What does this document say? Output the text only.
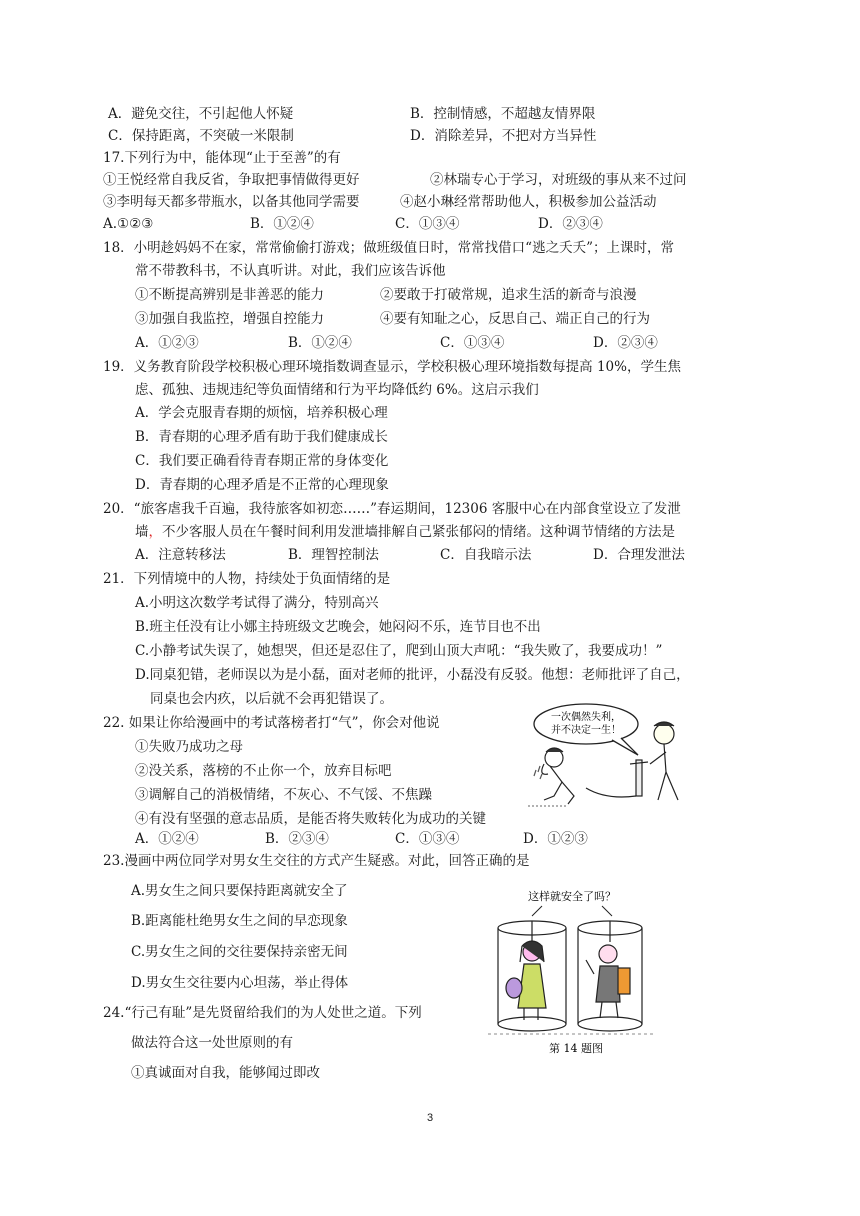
A．避免交往，不引起他人怀疑	B．控制情感，不超越友情界限
C．保持距离，不突破一米限制	D．消除差异，不把对方当异性
17.下列行为中，能体现“止于至善”的有
①王悦经常自我反省，争取把事情做得更好	②林瑞专心于学习，对班级的事从来不过问
③李明每天都多带瓶水，以备其他同学需要	④赵小琳经常帮助他人，积极参加公益活动
A.①②③	B．①②④	C．①③④	D．②③④
18．小明趁妈妈不在家，常常偷偷打游戏；做班级值日时，常常找借口“逃之夭夭”；上课时，常
常不带教科书，不认真听讲。对此，我们应该告诉他
①不断提高辨别是非善恶的能力	②要敢于打破常规，追求生活的新奇与浪漫
③加强自我监控，增强自控能力	④要有知耻之心，反思自己、端正自己的行为
A．①②③	B．①②④	C．①③④	D．②③④
19．义务教育阶段学校积极心理环境指数调查显示，学校积极心理环境指数每提高 10%，学生焦
虑、孤独、违规违纪等负面情绪和行为平均降低约 6%。这启示我们
A．学会克服青春期的烦恼，培养积极心理
B．青春期的心理矛盾有助于我们健康成长
C．我们要正确看待青春期正常的身体变化
D．青春期的心理矛盾是不正常的心理现象
20．“旅客虐我千百遍，我待旅客如初恋……”春运期间，12306 客服中心在内部食堂设立了发泄
墙，不少客服人员在午餐时间利用发泄墙排解自己紧张郁闷的情绪。这种调节情绪的方法是
A．注意转移法	B．理智控制法	C．自我暗示法	D．合理发泄法
21．下列情境中的人物，持续处于负面情绪的是
A.小明这次数学考试得了满分，特别高兴
B.班主任没有让小娜主持班级文艺晚会，她闷闷不乐，连节目也不出
C.小静考试失误了，她想哭，但还是忍住了，爬到山顶大声吼：“我失败了，我要成功！”
D.同桌犯错，老师误以为是小磊，面对老师的批评，小磊没有反驳。他想：老师批评了自己，
同桌也会内疚，以后就不会再犯错误了。
22. 如果让你给漫画中的考试落榜者打“气”，你会对他说
①失败乃成功之母
②没关系，落榜的不止你一个，放弃目标吧
③调解自己的消极情绪，不灰心、不气馁、不焦躁
④有没有坚强的意志品质，是能否将失败转化为成功的关键
A．①②④	B．②③④	C．①③④	D．①②③
一次偶然失利，
并不决定一生！
23.漫画中两位同学对男女生交往的方式产生疑惑。对此，回答正确的是
A.男女生之间只要保持距离就安全了
B.距离能杜绝男女生之间的早恋现象
C.男女生之间的交往要保持亲密无间
D.男女生交往要内心坦荡，举止得体
这样就安全了吗？
第 14 题图
24.“行己有耻”是先贤留给我们的为人处世之道。下列
做法符合这一处世原则的有
①真诚面对自我，能够闻过即改
3
